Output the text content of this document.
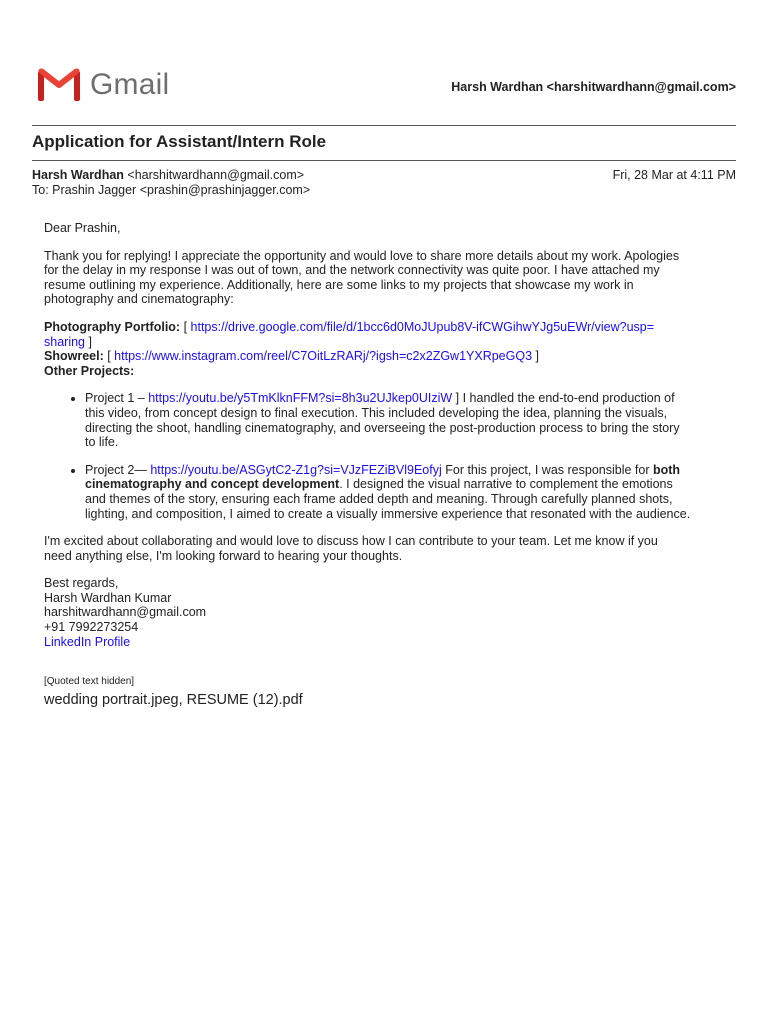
Gmail	Harsh Wardhan <harshitwardhann@gmail.com>
Application for Assistant/Intern Role
Harsh Wardhan <harshitwardhann@gmail.com>
To: Prashin Jagger <prashin@prashinjagger.com>
Fri, 28 Mar at 4:11 PM

Dear Prashin,

Thank you for replying! I appreciate the opportunity and would love to share more details about my work. Apologies
for the delay in my response I was out of town, and the network connectivity was quite poor. I have attached my
resume outlining my experience. Additionally, here are some links to my projects that showcase my work in
photography and cinematography:
Photography Portfolio: [ https://drive.google.com/file/d/1bcc6d0MoJUpub8V-ifCWGihwYJg5uEWr/view?usp=
sharing ]
Showreel: [ https://www.instagram.com/reel/C7OitLzRARj/?igsh=c2x2ZGw1YXRpeGQ3 ]
Other Projects:
• Project 1 – https://youtu.be/y5TmKlknFFM?si=8h3u2UJkep0UIziW ] I handled the end-to-end production of
this video, from concept design to final execution. This included developing the idea, planning the visuals,
directing the shoot, handling cinematography, and overseeing the post-production process to bring the story
to life.
• Project 2— https://youtu.be/ASGytC2-Z1g?si=VJzFEZiBVl9Eofyj For this project, I was responsible for both
cinematography and concept development. I designed the visual narrative to complement the emotions
and themes of the story, ensuring each frame added depth and meaning. Through carefully planned shots,
lighting, and composition, I aimed to create a visually immersive experience that resonated with the audience.
I'm excited about collaborating and would love to discuss how I can contribute to your team. Let me know if you
need anything else, I'm looking forward to hearing your thoughts.
Best regards,
Harsh Wardhan Kumar
harshitwardhann@gmail.com
+91 7992273254
LinkedIn Profile
[Quoted text hidden]
wedding portrait.jpeg, RESUME (12).pdf
